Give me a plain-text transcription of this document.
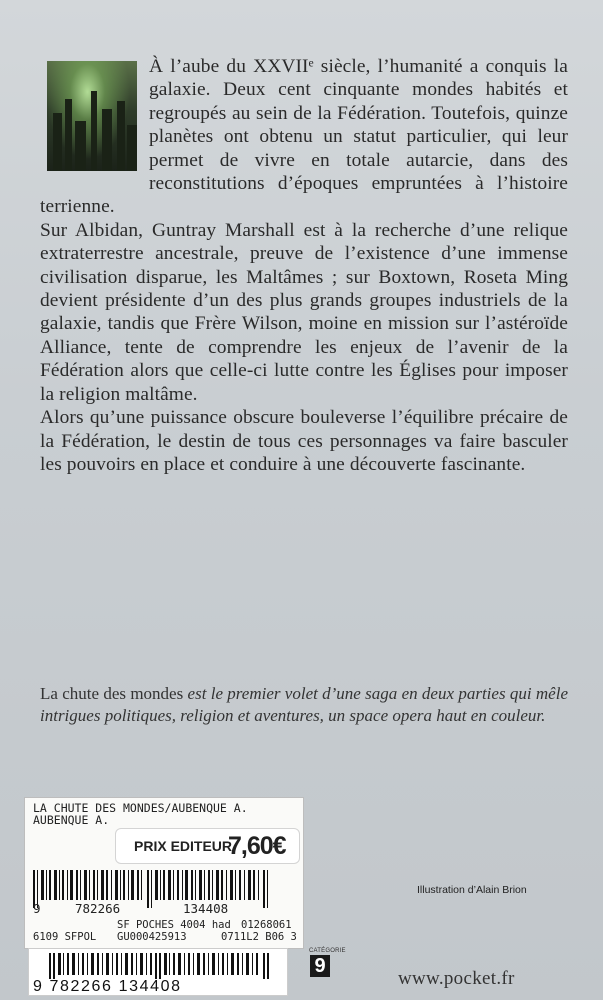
À l’aube du XXVIIᵉ siècle, l’humanité a conquis la galaxie. Deux cent cinquante mondes habités et regroupés au sein de la Fédération. Toutefois, quinze planètes ont obtenu un statut particulier, qui leur permet de vivre en totale autarcie, dans des reconstitutions d’époques empruntées à l’histoire terrienne.

Sur Albidan, Guntray Marshall est à la recherche d’une relique extraterrestre ancestrale, preuve de l’existence d’une immense civilisation disparue, les Maltâmes ; sur Boxtown, Roseta Ming devient présidente d’un des plus grands groupes industriels de la galaxie, tandis que Frère Wilson, moine en mission sur l’astéroïde Alliance, tente de comprendre les enjeux de l’avenir de la Fédération alors que celle-ci lutte contre les Églises pour imposer la religion maltâme.

Alors qu’une puissance obscure bouleverse l’équilibre précaire de la Fédération, le destin de tous ces personnages va faire basculer les pouvoirs en place et conduire à une découverte fascinante.

La chute des mondes est le premier volet d’une saga en deux parties qui mêle intrigues politiques, religion et aventures, un space opera haut en couleur.
LA CHUTE DES MONDES/AUBENQUE A.
AUBENQUE A.
PRIX EDITEUR
7,60€
9	782266	134408
SF POCHES 4004 had 01268061
6109 SFPOL GU000425913	0711L2 B06 3
9 782266 134408
Illustration d’Alain Brion
CATÉGORIE
9
www.pocket.fr
